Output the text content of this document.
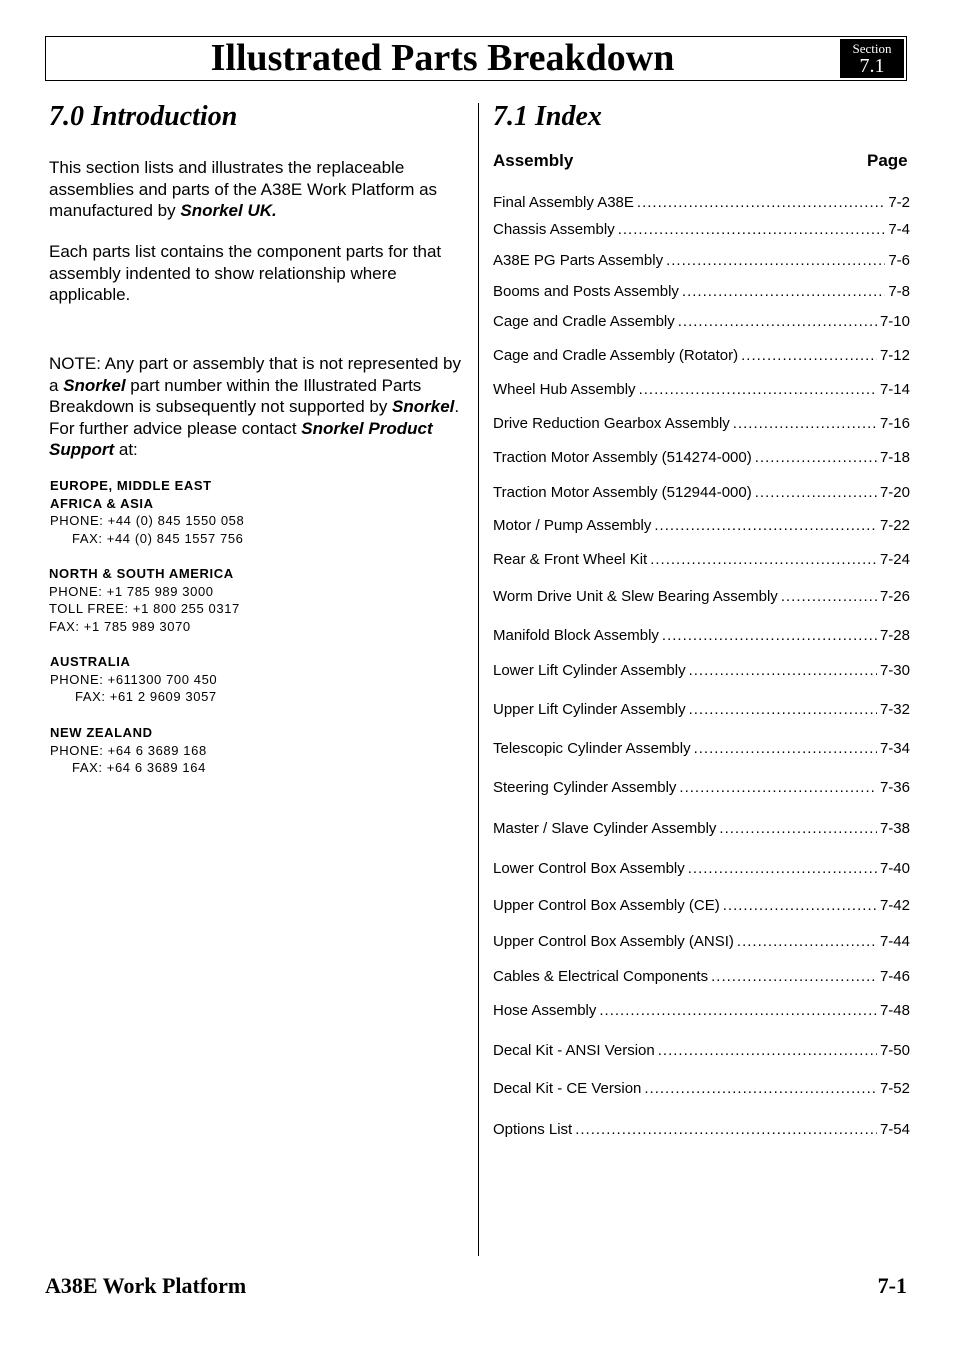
Illustrated Parts Breakdown	Section
7.1
7.0 Introduction
This section lists and illustrates the replaceable assemblies and parts of the A38E Work Platform as manufactured by Snorkel UK.
Each parts list contains the component parts for that assembly indented to show relationship where applicable.
NOTE: Any part or assembly that is not represented by a Snorkel part number within the Illustrated Parts Breakdown is subsequently not supported by Snorkel. For further advice please contact Snorkel Product Support at:
EUROPE, MIDDLE EAST
AFRICA & ASIA
PHONE: +44 (0) 845 1550 058
FAX: +44 (0) 845 1557 756
NORTH & SOUTH AMERICA
PHONE: +1 785 989 3000
TOLL FREE: +1 800 255 0317
FAX: +1 785 989 3070
AUSTRALIA
PHONE: +611300 700 450
FAX: +61 2 9609 3057
NEW ZEALAND
PHONE: +64 6 3689 168
FAX: +64 6 3689 164
7.1 Index
Assembly	Page
Final Assembly A38E .....	7-2
Chassis Assembly .....	7-4
A38E PG Parts Assembly .....	7-6
Booms and Posts Assembly .....	7-8
Cage and Cradle Assembly .....	7-10
Cage and Cradle Assembly (Rotator) .....	7-12
Wheel Hub Assembly .....	7-14
Drive Reduction Gearbox Assembly .....	7-16
Traction Motor Assembly (514274-000) .....	7-18
Traction Motor Assembly (512944-000) .....	7-20
Motor / Pump Assembly .....	7-22
Rear & Front Wheel Kit .....	7-24
Worm Drive Unit & Slew Bearing Assembly .....	7-26
Manifold Block Assembly .....	7-28
Lower Lift Cylinder Assembly .....	7-30
Upper Lift Cylinder Assembly .....	7-32
Telescopic Cylinder Assembly .....	7-34
Steering Cylinder Assembly .....	7-36
Master / Slave Cylinder Assembly .....	7-38
Lower Control Box Assembly .....	7-40
Upper Control Box Assembly (CE) .....	7-42
Upper Control Box Assembly (ANSI) .....	7-44
Cables & Electrical Components .....	7-46
Hose Assembly .....	7-48
Decal Kit - ANSI Version .....	7-50
Decal Kit - CE Version .....	7-52
Options List .....	7-54
A38E Work Platform	7-1
